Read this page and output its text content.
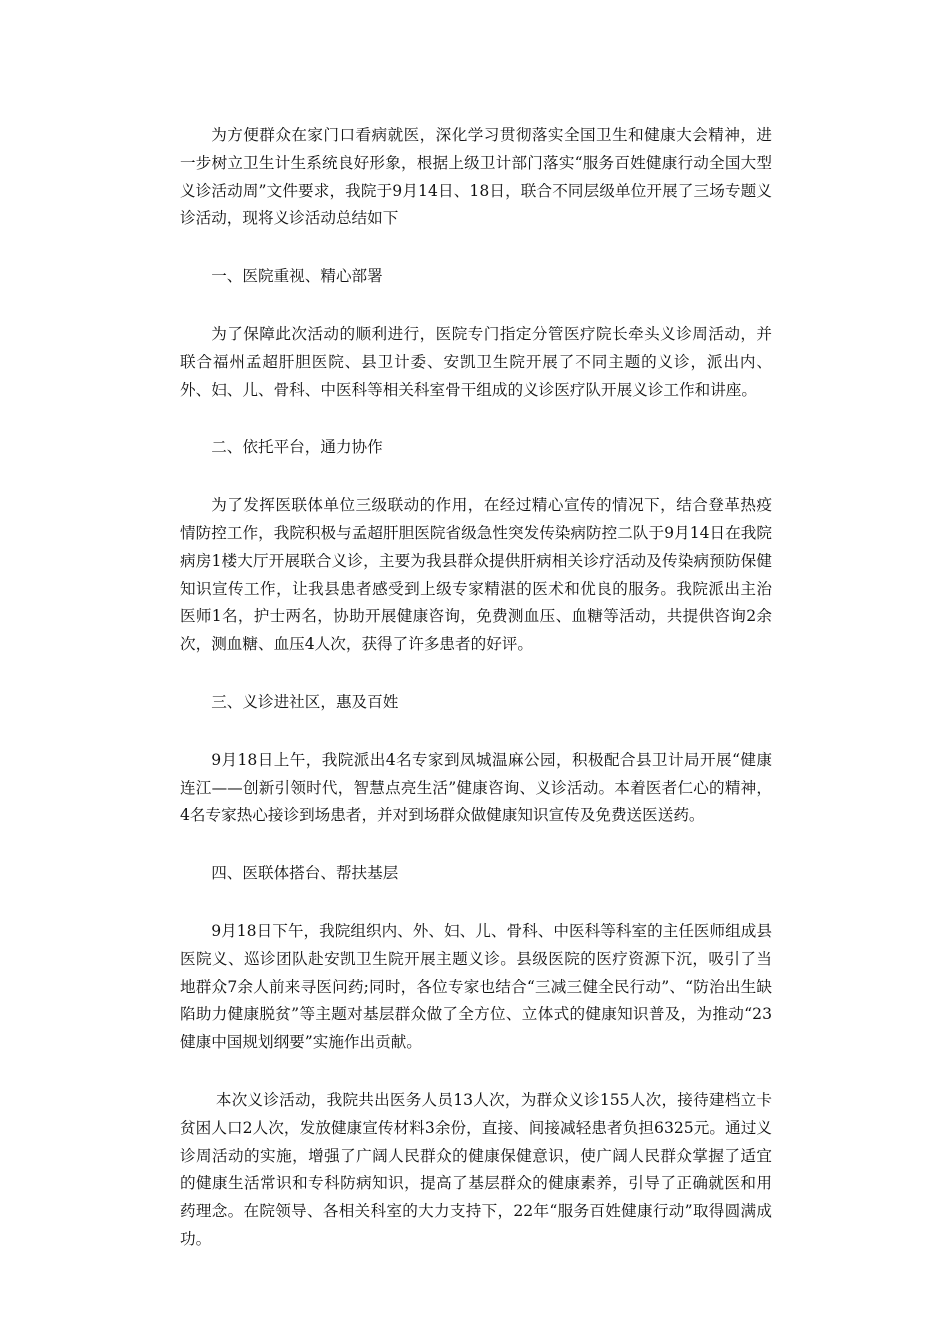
为方便群众在家门口看病就医，深化学习贯彻落实全国卫生和健康大会精神，进一步树立卫生计生系统良好形象，根据上级卫计部门落实“服务百姓健康行动全国大型义诊活动周”文件要求，我院于9月14日、18日，联合不同层级单位开展了三场专题义诊活动，现将义诊活动总结如下

一、医院重视、精心部署

为了保障此次活动的顺利进行，医院专门指定分管医疗院长牵头义诊周活动，并联合福州孟超肝胆医院、县卫计委、安凯卫生院开展了不同主题的义诊，派出内、外、妇、儿、骨科、中医科等相关科室骨干组成的义诊医疗队开展义诊工作和讲座。

二、依托平台，通力协作

为了发挥医联体单位三级联动的作用，在经过精心宣传的情况下，结合登革热疫情防控工作，我院积极与孟超肝胆医院省级急性突发传染病防控二队于9月14日在我院病房1楼大厅开展联合义诊，主要为我县群众提供肝病相关诊疗活动及传染病预防保健知识宣传工作，让我县患者感受到上级专家精湛的医术和优良的服务。我院派出主治医师1名，护士两名，协助开展健康咨询，免费测血压、血糖等活动，共提供咨询2余次，测血糖、血压4人次，获得了许多患者的好评。

三、义诊进社区，惠及百姓

9月18日上午，我院派出4名专家到凤城温麻公园，积极配合县卫计局开展“健康连江——创新引领时代，智慧点亮生活”健康咨询、义诊活动。本着医者仁心的精神，4名专家热心接诊到场患者，并对到场群众做健康知识宣传及免费送医送药。

四、医联体搭台、帮扶基层

9月18日下午，我院组织内、外、妇、儿、骨科、中医科等科室的主任医师组成县医院义、巡诊团队赴安凯卫生院开展主题义诊。县级医院的医疗资源下沉，吸引了当地群众7余人前来寻医问药;同时，各位专家也结合“三减三健全民行动”、“防治出生缺陷助力健康脱贫”等主题对基层群众做了全方位、立体式的健康知识普及，为推动“23健康中国规划纲要”实施作出贡献。

本次义诊活动，我院共出医务人员13人次，为群众义诊155人次，接待建档立卡贫困人口2人次，发放健康宣传材料3余份，直接、间接减轻患者负担6325元。通过义诊周活动的实施，增强了广阔人民群众的健康保健意识，使广阔人民群众掌握了适宜的健康生活常识和专科防病知识，提高了基层群众的健康素养，引导了正确就医和用药理念。在院领导、各相关科室的大力支持下，22年“服务百姓健康行动”取得圆满成功。
